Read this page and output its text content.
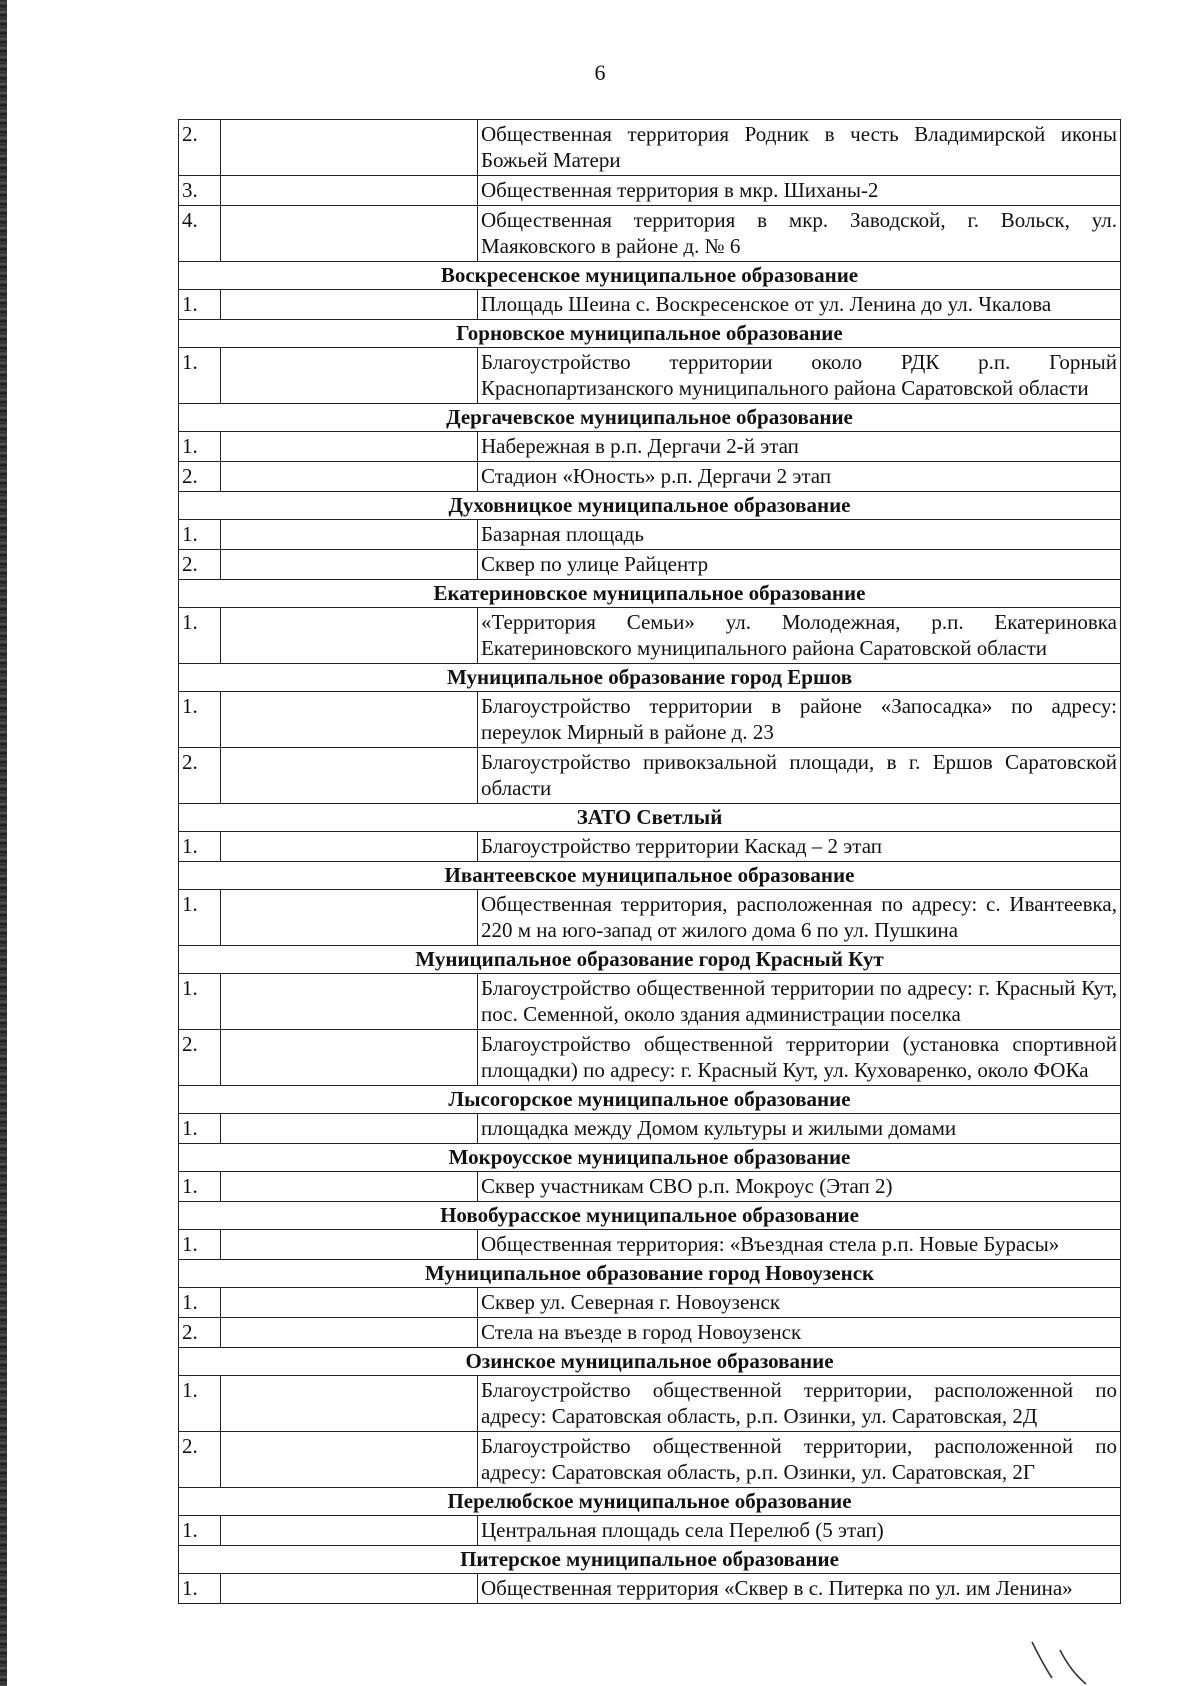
6
2.		Общественная территория Родник в честь Владимирской иконы Божьей Матери
3.		Общественная территория в мкр. Шиханы-2
4.		Общественная территория в мкр. Заводской, г. Вольск, ул. Маяковского в районе д. № 6
Воскресенское муниципальное образование		
1.		Площадь Шеина с. Воскресенское от ул. Ленина до ул. Чкалова
Горновское муниципальное образование		
1.		Благоустройство территории около РДК р.п. Горный Краснопартизанского муниципального района Саратовской области
Дергачевское муниципальное образование		
1.		Набережная в р.п. Дергачи 2-й этап
2.		Стадион «Юность» р.п. Дергачи 2 этап
Духовницкое муниципальное образование		
1.		Базарная площадь
2.		Сквер по улице Райцентр
Екатериновское муниципальное образование		
1.		«Территория Семьи» ул. Молодежная, р.п. Екатериновка Екатериновского муниципального района Саратовской области
Муниципальное образование город Ершов		
1.		Благоустройство территории в районе «Запосадка» по адресу: переулок Мирный в районе д. 23
2.		Благоустройство привокзальной площади, в г. Ершов Саратовской области
ЗАТО Светлый		
1.		Благоустройство территории Каскад – 2 этап
Ивантеевское муниципальное образование		
1.		Общественная территория, расположенная по адресу: с. Ивантеевка, 220 м на юго-запад от жилого дома 6 по ул. Пушкина
Муниципальное образование город Красный Кут		
1.		Благоустройство общественной территории по адресу: г. Красный Кут, пос. Семенной, около здания администрации поселка
2.		Благоустройство общественной территории (установка спортивной площадки) по адресу: г. Красный Кут, ул. Куховаренко, около ФОКа
Лысогорское муниципальное образование		
1.		площадка между Домом культуры и жилыми домами
Мокроусское муниципальное образование		
1.		Сквер участникам СВО р.п. Мокроус (Этап 2)
Новобурасское муниципальное образование		
1.		Общественная территория: «Въездная стела р.п. Новые Бурасы»
Муниципальное образование город Новоузенск		
1.		Сквер ул. Северная г. Новоузенск
2.		Стела на въезде в город Новоузенск
Озинское муниципальное образование		
1.		Благоустройство общественной территории, расположенной по адресу: Саратовская область, р.п. Озинки, ул. Саратовская, 2Д
2.		Благоустройство общественной территории, расположенной по адресу: Саратовская область, р.п. Озинки, ул. Саратовская, 2Г
Перелюбское муниципальное образование		
1.		Центральная площадь села Перелюб (5 этап)
Питерское муниципальное образование		
1.		Общественная территория «Сквер в с. Питерка по ул. им Ленина»
